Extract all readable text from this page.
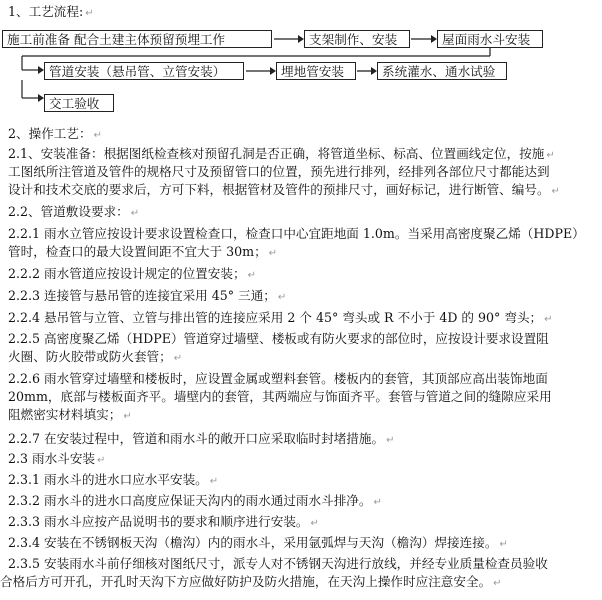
1、工艺流程: ↵
施工前准备 配合土建主体预留预埋工作	支架制作、安装	屋面雨水斗安装
管道安装（悬吊管、立管安装）	埋地管安装	系统灌水、通水试验
交工验收
2、操作工艺： ↵
2.1、安装准备：根据图纸检查核对预留孔洞是否正确，将管道坐标、标高、位置画线定位，按施 ↵
工图纸所注管道及管件的规格尺寸及预留管口的位置，预先进行排列，经排列各部位尺寸都能达到
设计和技术交底的要求后，方可下料，根据管材及管件的预排尺寸，画好标记，进行断管、编号。 ↵
2.2、管道敷设要求： ↵
2.2.1 雨水立管应按设计要求设置检查口，检查口中心宜距地面 1.0m。当采用高密度聚乙烯（HDPE）
管时，检查口的最大设置间距不宜大于 30m； ↵
2.2.2 雨水管道应按设计规定的位置安装； ↵
2.2.3 连接管与悬吊管的连接宜采用 45° 三通； ↵
2.2.4 悬吊管与立管、立管与排出管的连接应采用 2 个 45° 弯头或 R 不小于 4D 的 90° 弯头； ↵
2.2.5 高密度聚乙烯（HDPE）管道穿过墙壁、楼板或有防火要求的部位时，应按设计要求设置阻
火圈、防火胶带或防火套管； ↵
2.2.6 雨水管穿过墙壁和楼板时，应设置金属或塑料套管。楼板内的套管，其顶部应高出装饰地面
20mm，底部与楼板面齐平。墙壁内的套管，其两端应与饰面齐平。套管与管道之间的缝隙应采用
阻燃密实材料填实； ↵
2.2.7 在安装过程中，管道和雨水斗的敞开口应采取临时封堵措施。 ↵
2.3 雨水斗安装 ↵
2.3.1 雨水斗的进水口应水平安装。 ↵
2.3.2 雨水斗的进水口高度应保证天沟内的雨水通过雨水斗排净。 ↵
2.3.3 雨水斗应按产品说明书的要求和顺序进行安装。 ↵
2.3.4 安装在不锈钢板天沟（檐沟）内的雨水斗，采用氩弧焊与天沟（檐沟）焊接连接。 ↵
2.3.5 安装雨水斗前仔细核对图纸尺寸，派专人对不锈钢天沟进行放线，并经专业质量检查员验收
合格后方可开孔，开孔时天沟下方应做好防护及防火措施，在天沟上操作时应注意安全。 ↵
